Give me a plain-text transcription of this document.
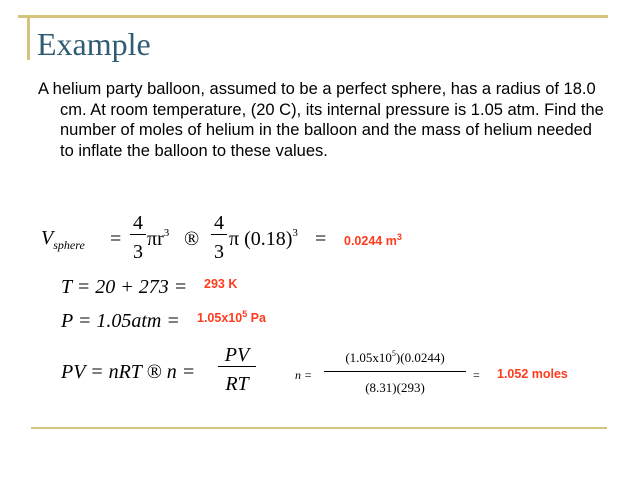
Example

A helium party balloon, assumed to be a perfect sphere, has a radius of 18.0 cm. At room temperature, (20 C), its internal pressure is 1.05 atm. Find the number of moles of helium in the balloon and the mass of helium needed to inflate the balloon to these values.

$V_{sphere}$ =
4
3
$\pi r^3$ ®
4
3
π $(0.18)^3 = 0.0244$ $m^3$
T = 20 + 273 = 293 K
$P = 1.05atm = 1.05x10^5$ Pa
PV = nRT ® n =
PV
RT	n =
$(1.05x10^5)(0.0244)$
(8.31)(293)
= 1.052 moles
